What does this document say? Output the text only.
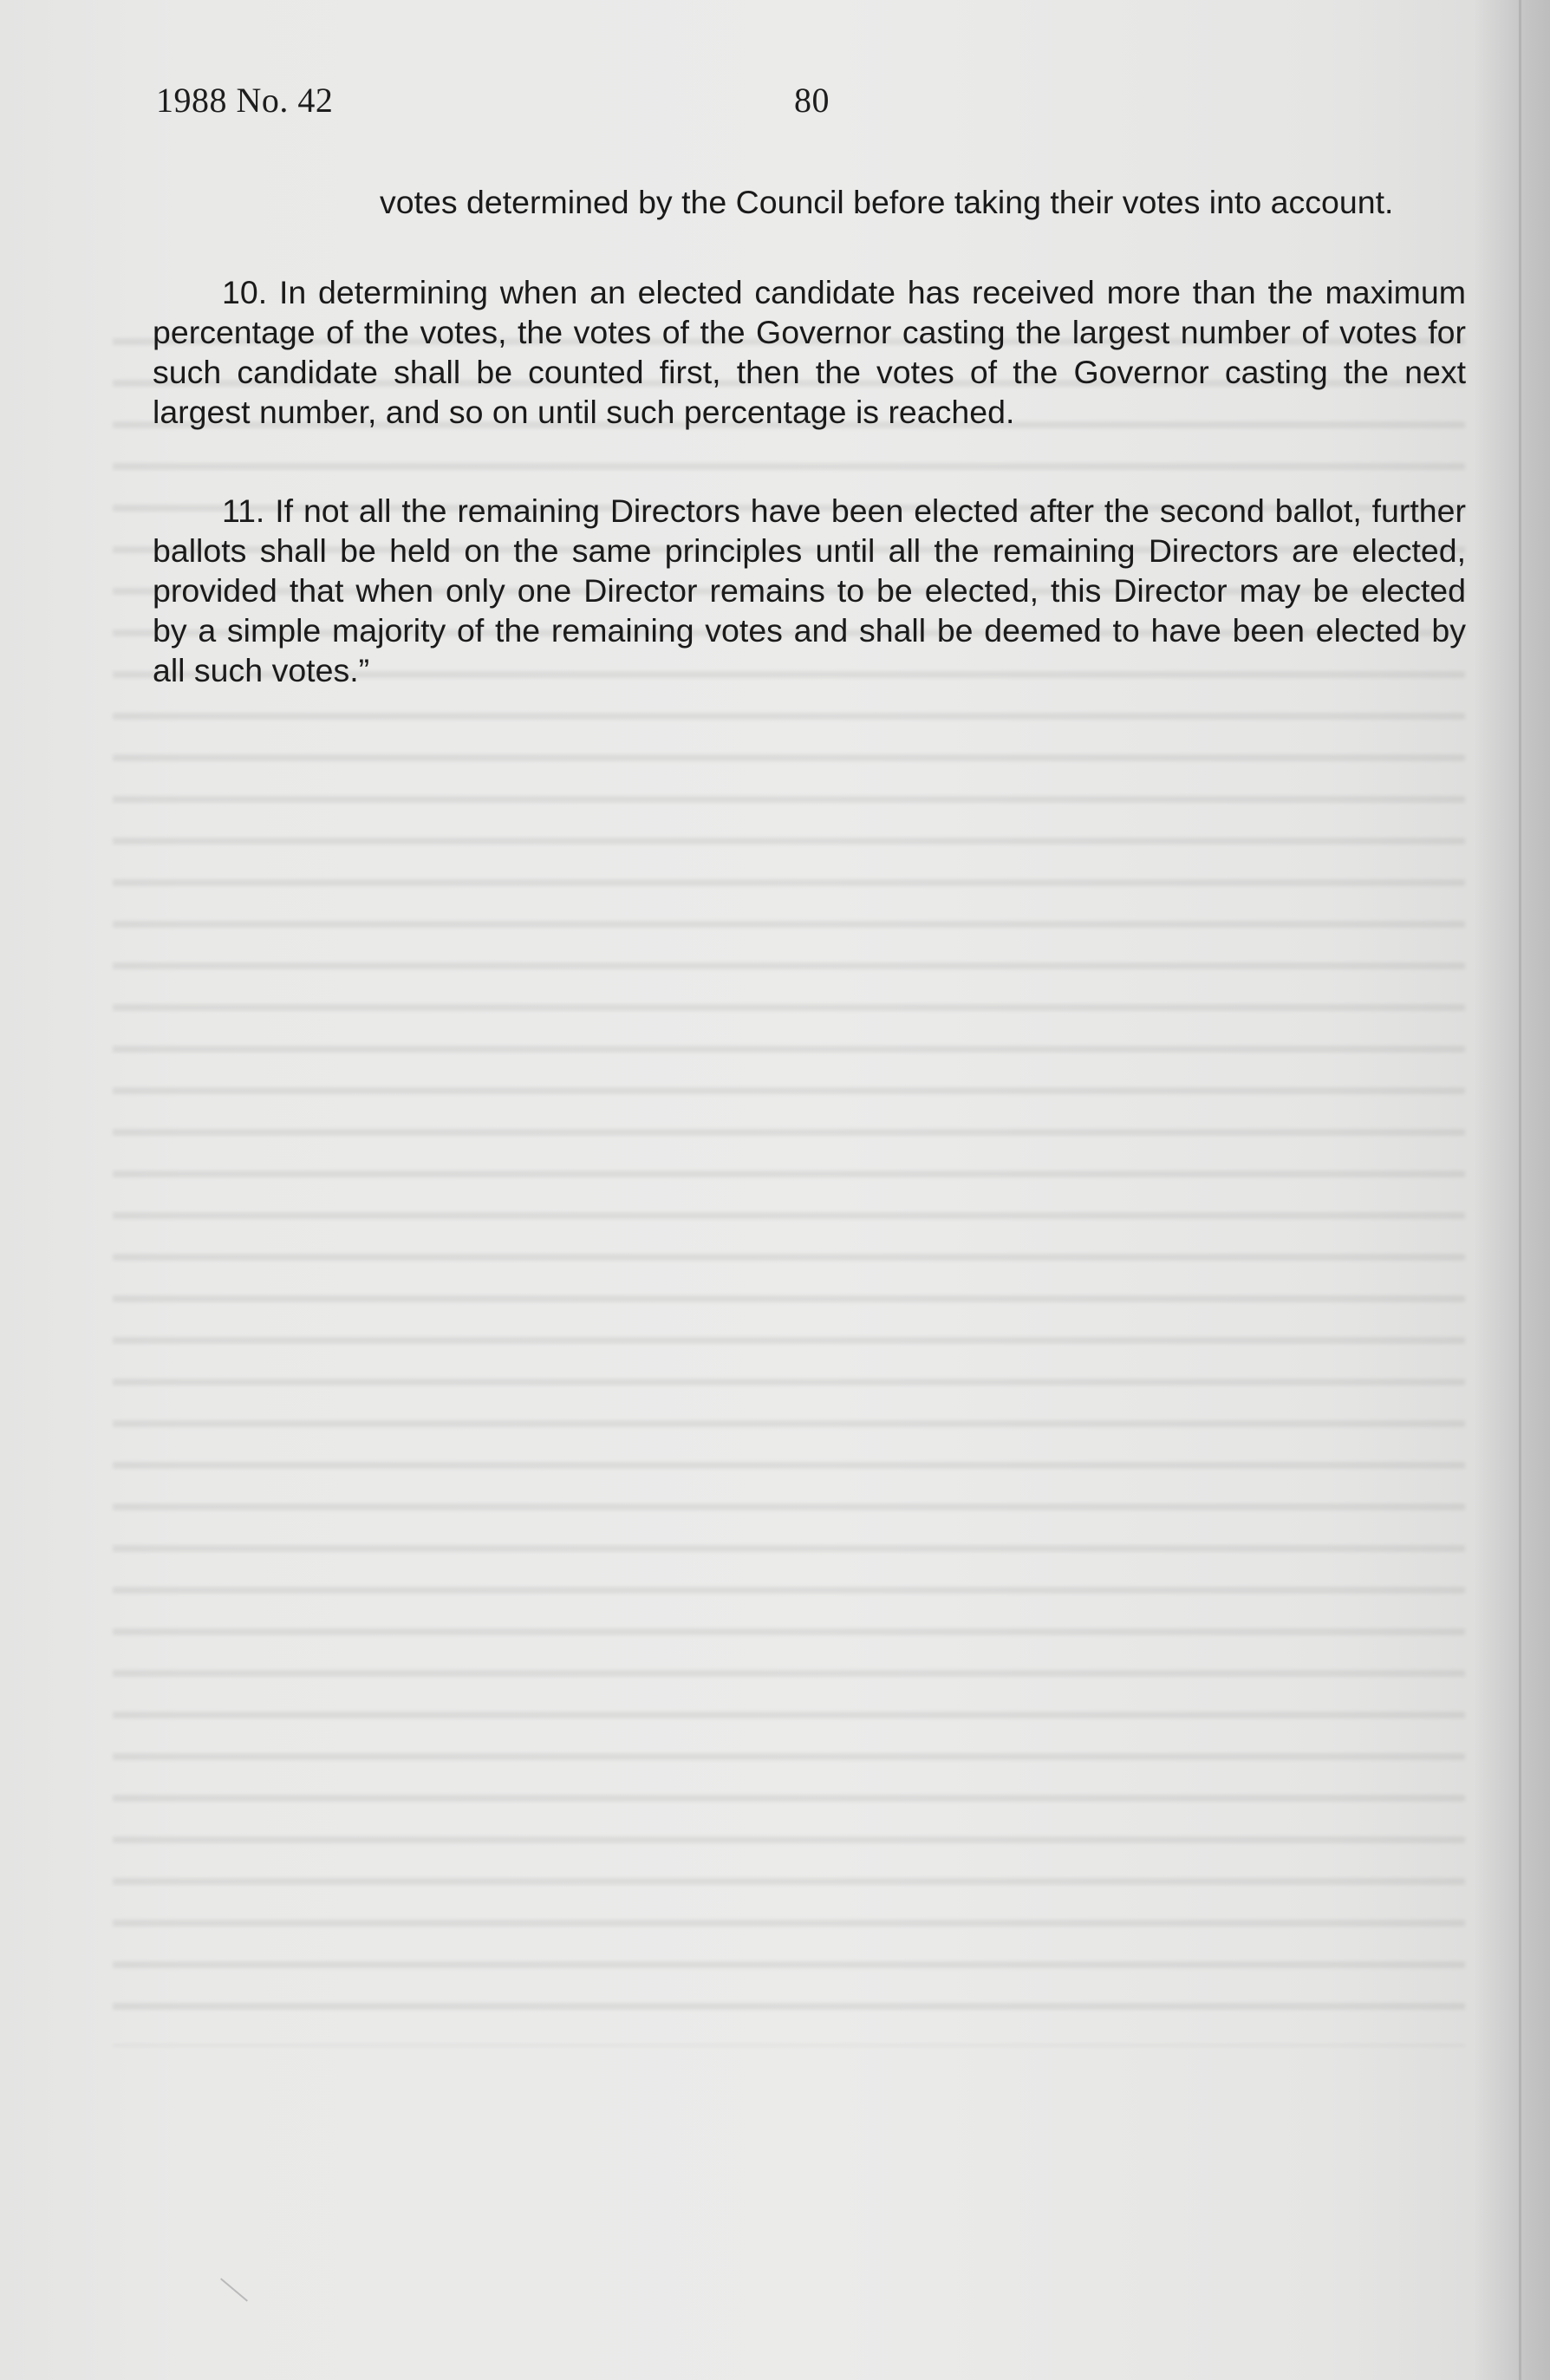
1988 No. 42	80

votes determined by the Council before taking their votes into account.

10. In determining when an elected candidate has received more than the maximum percentage of the votes, the votes of the Governor casting the largest number of votes for such candidate shall be counted first, then the votes of the Governor casting the next largest number, and so on until such percentage is reached.

11. If not all the remaining Directors have been elected after the second ballot, further ballots shall be held on the same principles until all the remaining Directors are elected, provided that when only one Director remains to be elected, this Director may be elected by a simple majority of the remaining votes and shall be deemed to have been elected by all such votes.”
